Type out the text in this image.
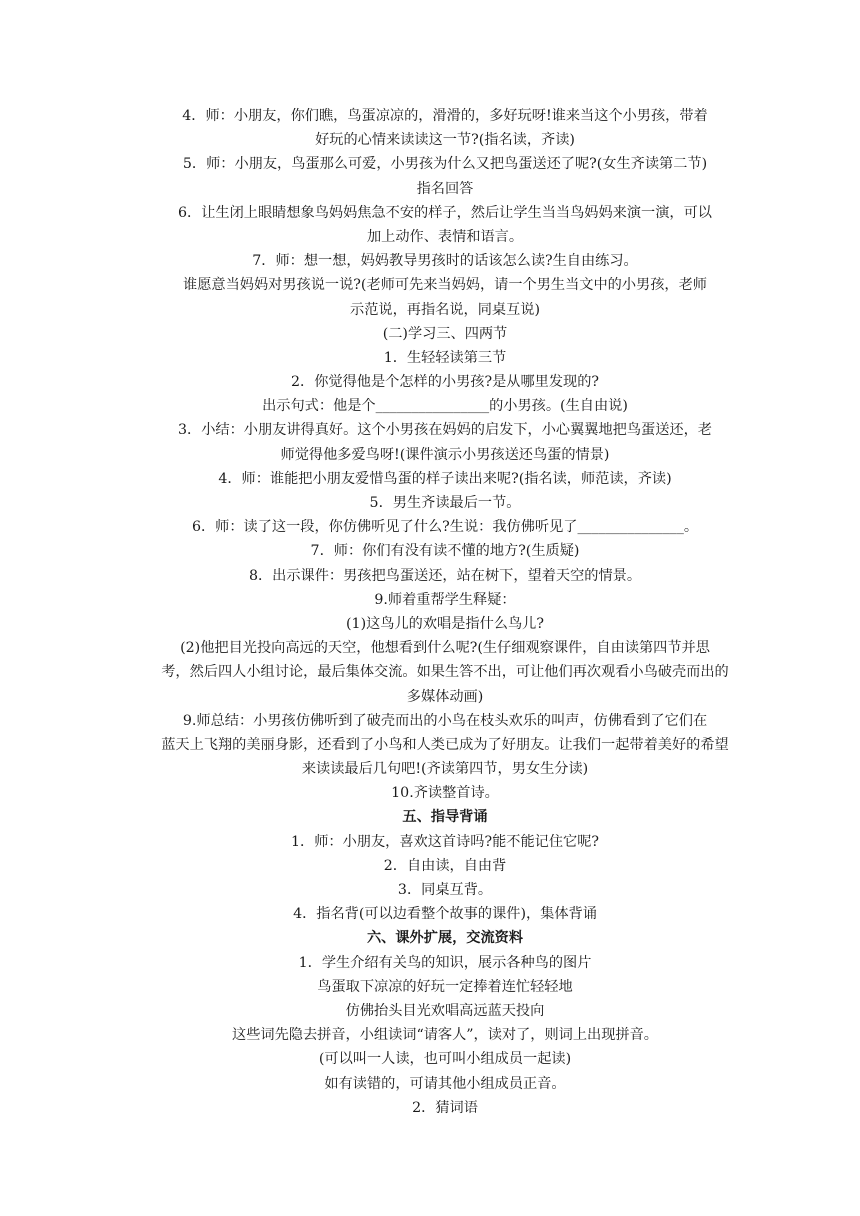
4．师：小朋友，你们瞧，鸟蛋凉凉的，滑滑的，多好玩呀!谁来当这个小男孩，带着
好玩的心情来读读这一节?(指名读，齐读)
5．师：小朋友，鸟蛋那么可爱，小男孩为什么又把鸟蛋送还了呢?(女生齐读第二节)
指名回答
6．让生闭上眼睛想象鸟妈妈焦急不安的样子，然后让学生当当鸟妈妈来演一演，可以
加上动作、表情和语言。
7．师：想一想，妈妈教导男孩时的话该怎么读?生自由练习。
谁愿意当妈妈对男孩说一说?(老师可先来当妈妈，请一个男生当文中的小男孩，老师
示范说，再指名说，同桌互说)
(二)学习三、四两节
1．生轻轻读第三节
2．你觉得他是个怎样的小男孩?是从哪里发现的?
出示句式：他是个________________的小男孩。(生自由说)
3．小结：小朋友讲得真好。这个小男孩在妈妈的启发下，小心翼翼地把鸟蛋送还，老
师觉得他多爱鸟呀!(课件演示小男孩送还鸟蛋的情景)
4．师：谁能把小朋友爱惜鸟蛋的样子读出来呢?(指名读，师范读，齐读)
5．男生齐读最后一节。
6．师：读了这一段，你仿佛听见了什么?生说：我仿佛听见了_______________。
7．师：你们有没有读不懂的地方?(生质疑)
8．出示课件：男孩把鸟蛋送还，站在树下，望着天空的情景。
9.师着重帮学生释疑：
(1)这鸟儿的欢唱是指什么鸟儿?
(2)他把目光投向高远的天空，他想看到什么呢?(生仔细观察课件，自由读第四节并思
考，然后四人小组讨论，最后集体交流。如果生答不出，可让他们再次观看小鸟破壳而出的
多媒体动画)
9.师总结：小男孩仿佛听到了破壳而出的小鸟在枝头欢乐的叫声，仿佛看到了它们在
蓝天上飞翔的美丽身影，还看到了小鸟和人类已成为了好朋友。让我们一起带着美好的希望
来读读最后几句吧!(齐读第四节，男女生分读)
10.齐读整首诗。
五、指导背诵
1．师：小朋友，喜欢这首诗吗?能不能记住它呢?
2．自由读，自由背
3．同桌互背。
4．指名背(可以边看整个故事的课件)，集体背诵
六、课外扩展，交流资料
1．学生介绍有关鸟的知识，展示各种鸟的图片
鸟蛋取下凉凉的好玩一定捧着连忙轻轻地
仿佛抬头目光欢唱高远蓝天投向
这些词先隐去拼音，小组读词“请客人”，读对了，则词上出现拼音。
(可以叫一人读，也可叫小组成员一起读)
如有读错的，可请其他小组成员正音。
2．猜词语
